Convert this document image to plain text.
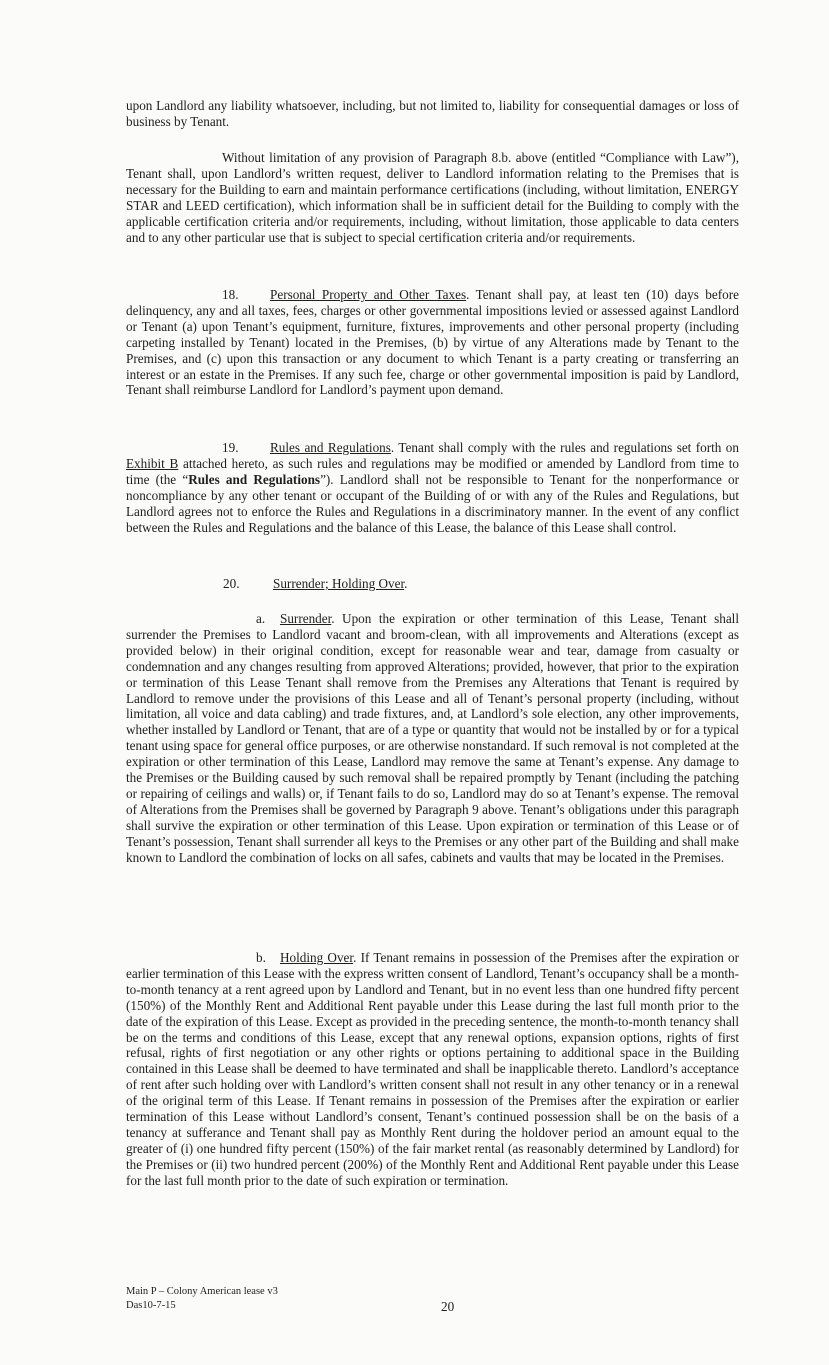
upon Landlord any liability whatsoever, including, but not limited to, liability for consequential damages or loss of business by Tenant.

Without limitation of any provision of Paragraph 8.b. above (entitled “Compliance with Law”), Tenant shall, upon Landlord’s written request, deliver to Landlord information relating to the Premises that is necessary for the Building to earn and maintain performance certifications (including, without limitation, ENERGY STAR and LEED certification), which information shall be in sufficient detail for the Building to comply with the applicable certification criteria and/or requirements, including, without limitation, those applicable to data centers and to any other particular use that is subject to special certification criteria and/or requirements.

18. Personal Property and Other Taxes. Tenant shall pay, at least ten (10) days before delinquency, any and all taxes, fees, charges or other governmental impositions levied or assessed against Landlord or Tenant (a) upon Tenant’s equipment, furniture, fixtures, improvements and other personal property (including carpeting installed by Tenant) located in the Premises, (b) by virtue of any Alterations made by Tenant to the Premises, and (c) upon this transaction or any document to which Tenant is a party creating or transferring an interest or an estate in the Premises. If any such fee, charge or other governmental imposition is paid by Landlord, Tenant shall reimburse Landlord for Landlord’s payment upon demand.

19. Rules and Regulations. Tenant shall comply with the rules and regulations set forth on Exhibit B attached hereto, as such rules and regulations may be modified or amended by Landlord from time to time (the “Rules and Regulations”). Landlord shall not be responsible to Tenant for the nonperformance or noncompliance by any other tenant or occupant of the Building of or with any of the Rules and Regulations, but Landlord agrees not to enforce the Rules and Regulations in a discriminatory manner. In the event of any conflict between the Rules and Regulations and the balance of this Lease, the balance of this Lease shall control.

20.	Surrender; Holding Over.

a. Surrender. Upon the expiration or other termination of this Lease, Tenant shall surrender the Premises to Landlord vacant and broom-clean, with all improvements and Alterations (except as provided below) in their original condition, except for reasonable wear and tear, damage from casualty or condemnation and any changes resulting from approved Alterations; provided, however, that prior to the expiration or termination of this Lease Tenant shall remove from the Premises any Alterations that Tenant is required by Landlord to remove under the provisions of this Lease and all of Tenant’s personal property (including, without limitation, all voice and data cabling) and trade fixtures, and, at Landlord’s sole election, any other improvements, whether installed by Landlord or Tenant, that are of a type or quantity that would not be installed by or for a typical tenant using space for general office purposes, or are otherwise nonstandard. If such removal is not completed at the expiration or other termination of this Lease, Landlord may remove the same at Tenant’s expense. Any damage to the Premises or the Building caused by such removal shall be repaired promptly by Tenant (including the patching or repairing of ceilings and walls) or, if Tenant fails to do so, Landlord may do so at Tenant’s expense. The removal of Alterations from the Premises shall be governed by Paragraph 9 above. Tenant’s obligations under this paragraph shall survive the expiration or other termination of this Lease. Upon expiration or termination of this Lease or of Tenant’s possession, Tenant shall surrender all keys to the Premises or any other part of the Building and shall make known to Landlord the combination of locks on all safes, cabinets and vaults that may be located in the Premises.

b. Holding Over. If Tenant remains in possession of the Premises after the expiration or earlier termination of this Lease with the express written consent of Landlord, Tenant’s occupancy shall be a month-to-month tenancy at a rent agreed upon by Landlord and Tenant, but in no event less than one hundred fifty percent (150%) of the Monthly Rent and Additional Rent payable under this Lease during the last full month prior to the date of the expiration of this Lease. Except as provided in the preceding sentence, the month-to-month tenancy shall be on the terms and conditions of this Lease, except that any renewal options, expansion options, rights of first refusal, rights of first negotiation or any other rights or options pertaining to additional space in the Building contained in this Lease shall be deemed to have terminated and shall be inapplicable thereto. Landlord’s acceptance of rent after such holding over with Landlord’s written consent shall not result in any other tenancy or in a renewal of the original term of this Lease. If Tenant remains in possession of the Premises after the expiration or earlier termination of this Lease without Landlord’s consent, Tenant’s continued possession shall be on the basis of a tenancy at sufferance and Tenant shall pay as Monthly Rent during the holdover period an amount equal to the greater of (i) one hundred fifty percent (150%) of the fair market rental (as reasonably determined by Landlord) for the Premises or (ii) two hundred percent (200%) of the Monthly Rent and Additional Rent payable under this Lease for the last full month prior to the date of such expiration or termination.

Main P – Colony American lease v3
Das10-7-15	20
